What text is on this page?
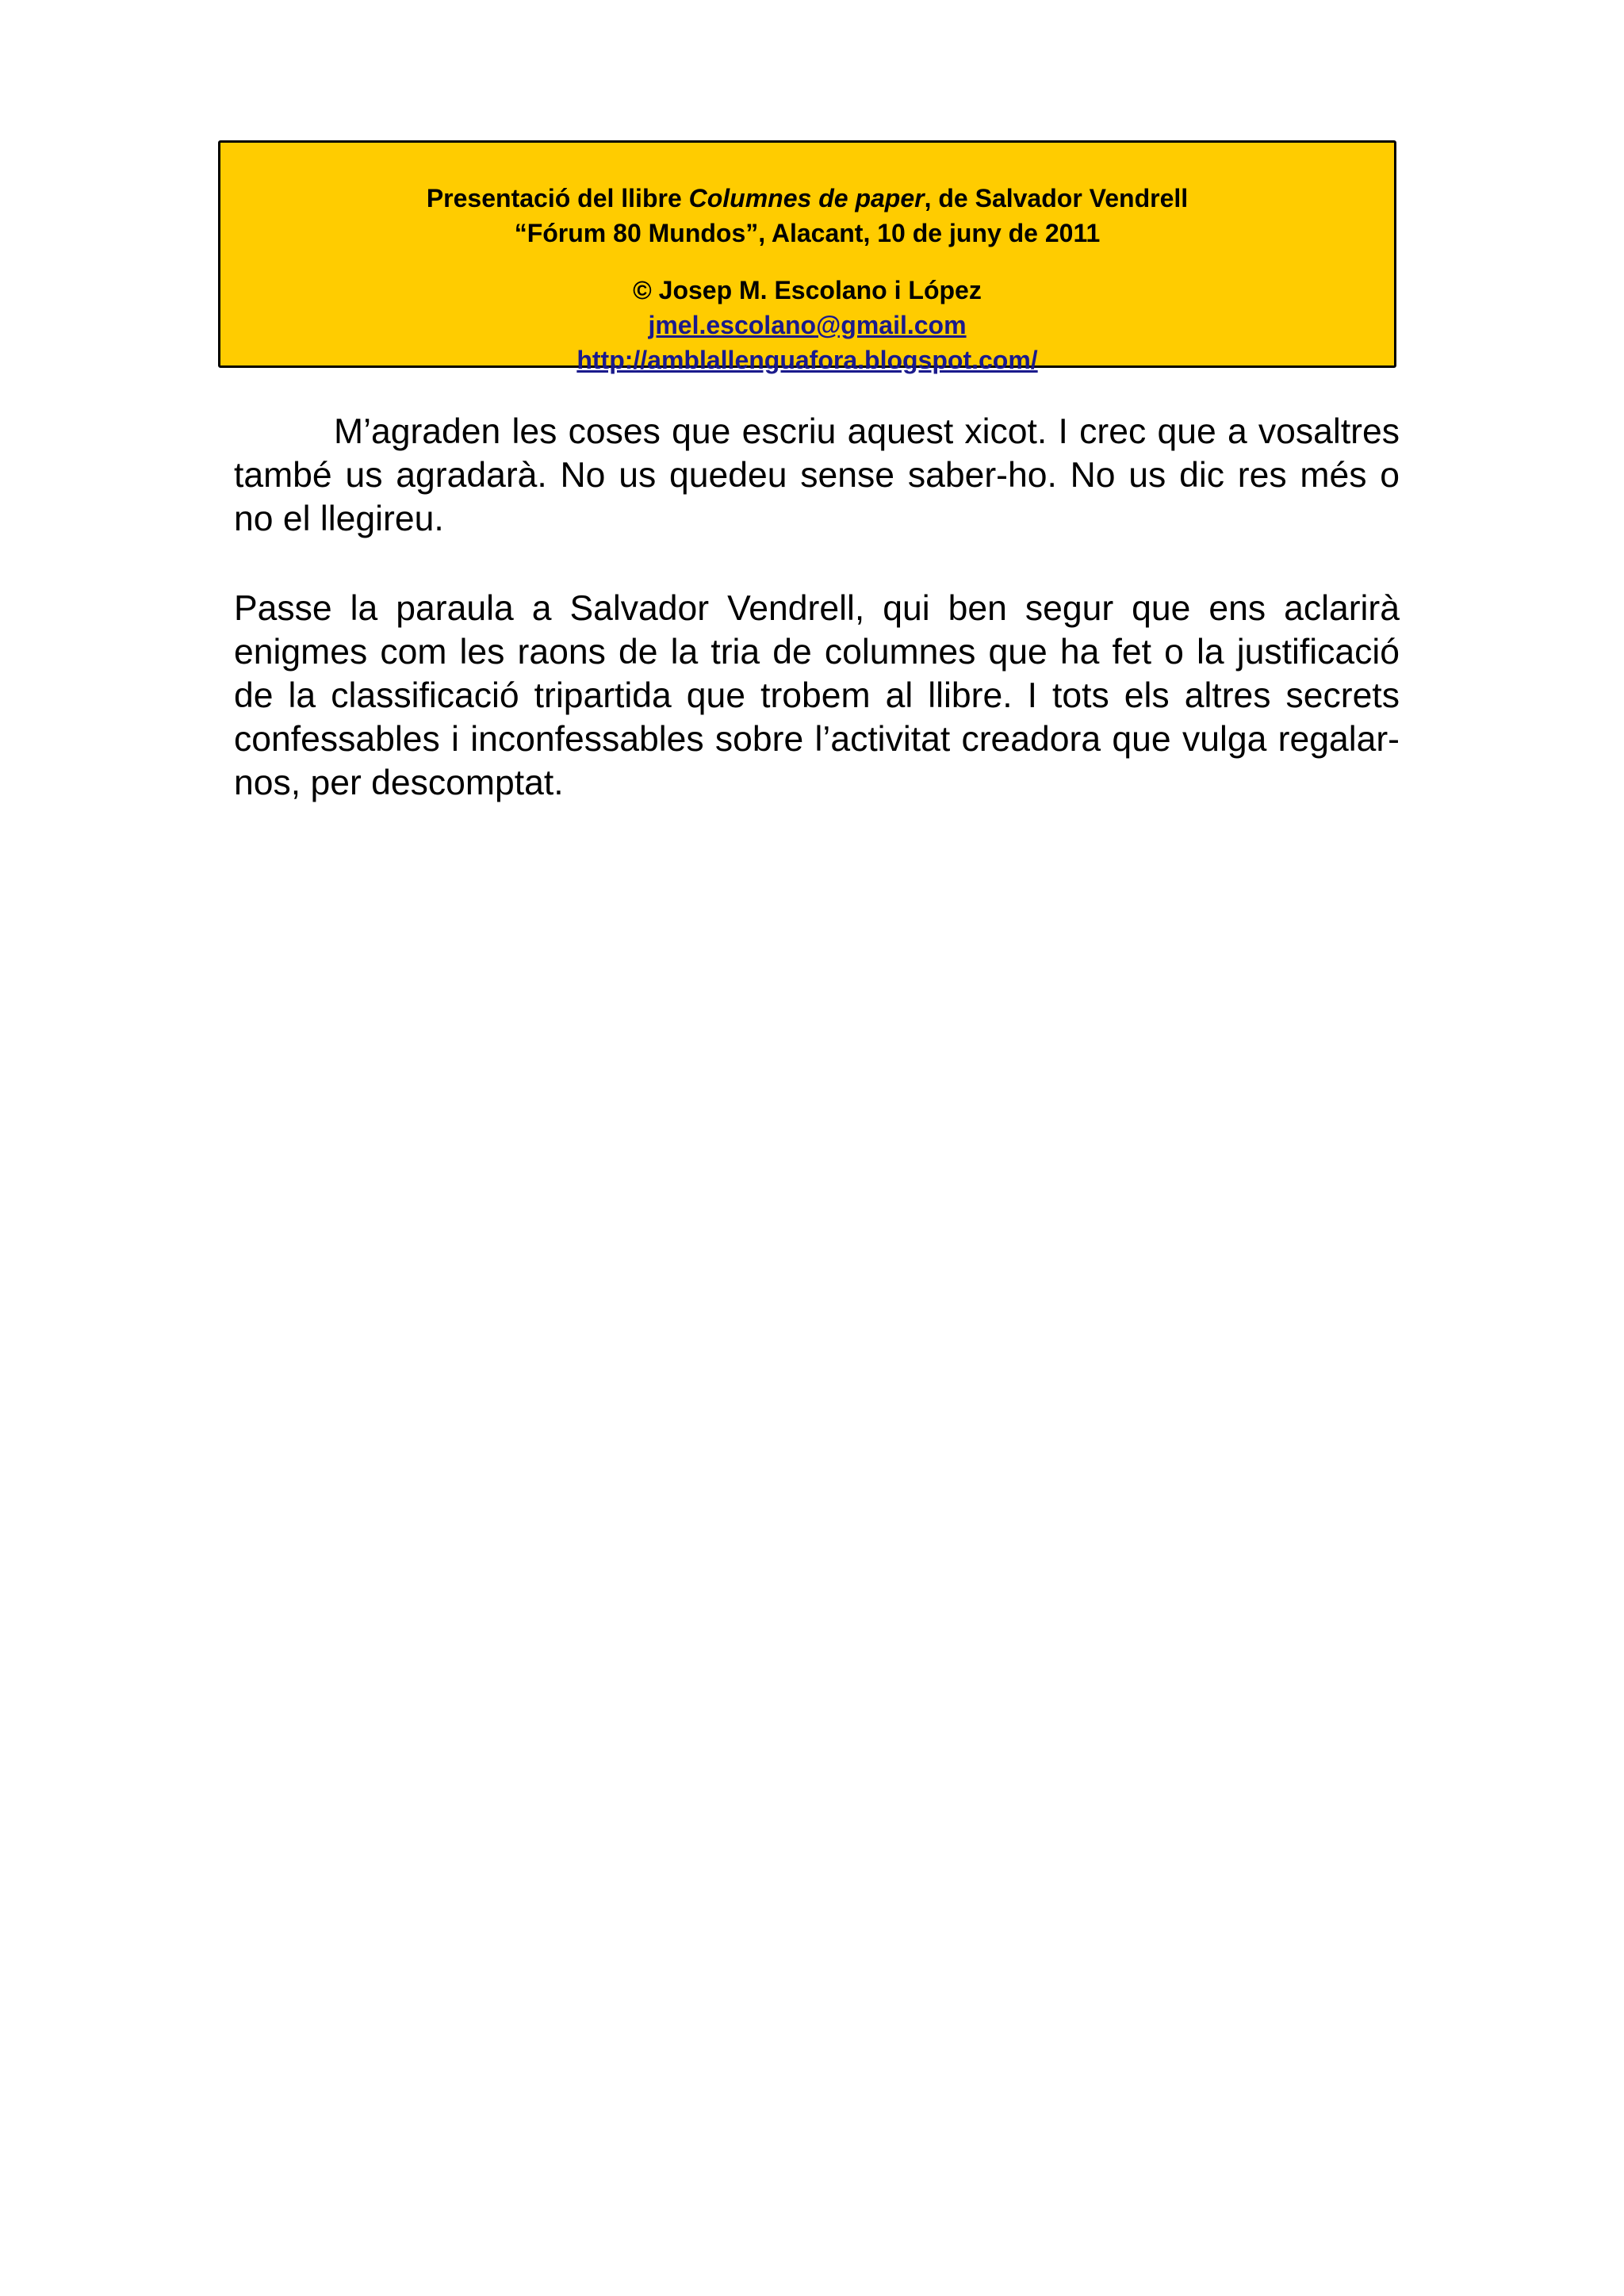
Presentació del llibre Columnes de paper, de Salvador Vendrell
“Fórum 80 Mundos”, Alacant, 10 de juny de 2011
© Josep M. Escolano i López
jmel.escolano@gmail.com
http://amblallenguafora.blogspot.com/

M’agraden les coses que escriu aquest xicot. I crec que a vosaltres també us agradarà. No us quedeu sense saber-ho. No us dic res més o no el llegireu.

Passe la paraula a Salvador Vendrell, qui ben segur que ens aclarirà enigmes com les raons de la tria de columnes que ha fet o la justificació de la classificació tripartida que trobem al llibre. I tots els altres secrets confessables i inconfessables sobre l’activitat creadora que vulga regalar-nos, per descomptat.
